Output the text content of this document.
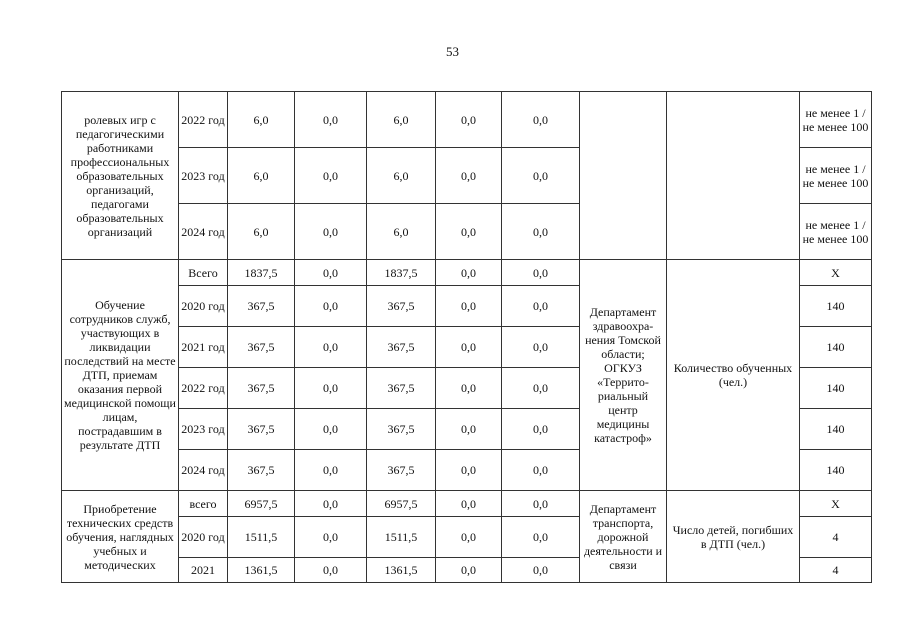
53
ролевых игр с педагогическими работниками профессиональных образовательных организаций, педагогами образовательных организаций	2022 год	6,0	0,0	6,0	0,0	0,0			не менее 1 / не менее 100
	2023 год	6,0	0,0	6,0	0,0	0,0			не менее 1 / не менее 100
	2024 год	6,0	0,0	6,0	0,0	0,0			не менее 1 / не менее 100
Обучение сотрудников служб, участвующих в ликвидации последствий на месте ДТП, приемам оказания первой медицинской помощи лицам, пострадавшим в результате ДТП	Всего	1837,5	0,0	1837,5	0,0	0,0	Департамент здравоохра-нения Томской области; ОГКУЗ «Террито-риальный центр медицины катастроф»	Количество обученных (чел.)	Х
	2020 год	367,5	0,0	367,5	0,0	0,0			140
	2021 год	367,5	0,0	367,5	0,0	0,0			140
	2022 год	367,5	0,0	367,5	0,0	0,0			140
	2023 год	367,5	0,0	367,5	0,0	0,0			140
	2024 год	367,5	0,0	367,5	0,0	0,0			140
Приобретение технических средств обучения, наглядных учебных и методических	всего	6957,5	0,0	6957,5	0,0	0,0	Департамент транспорта, дорожной деятельности и связи	Число детей, погибших в ДТП (чел.)	Х
	2020 год	1511,5	0,0	1511,5	0,0	0,0			4
	2021	1361,5	0,0	1361,5	0,0	0,0			4
